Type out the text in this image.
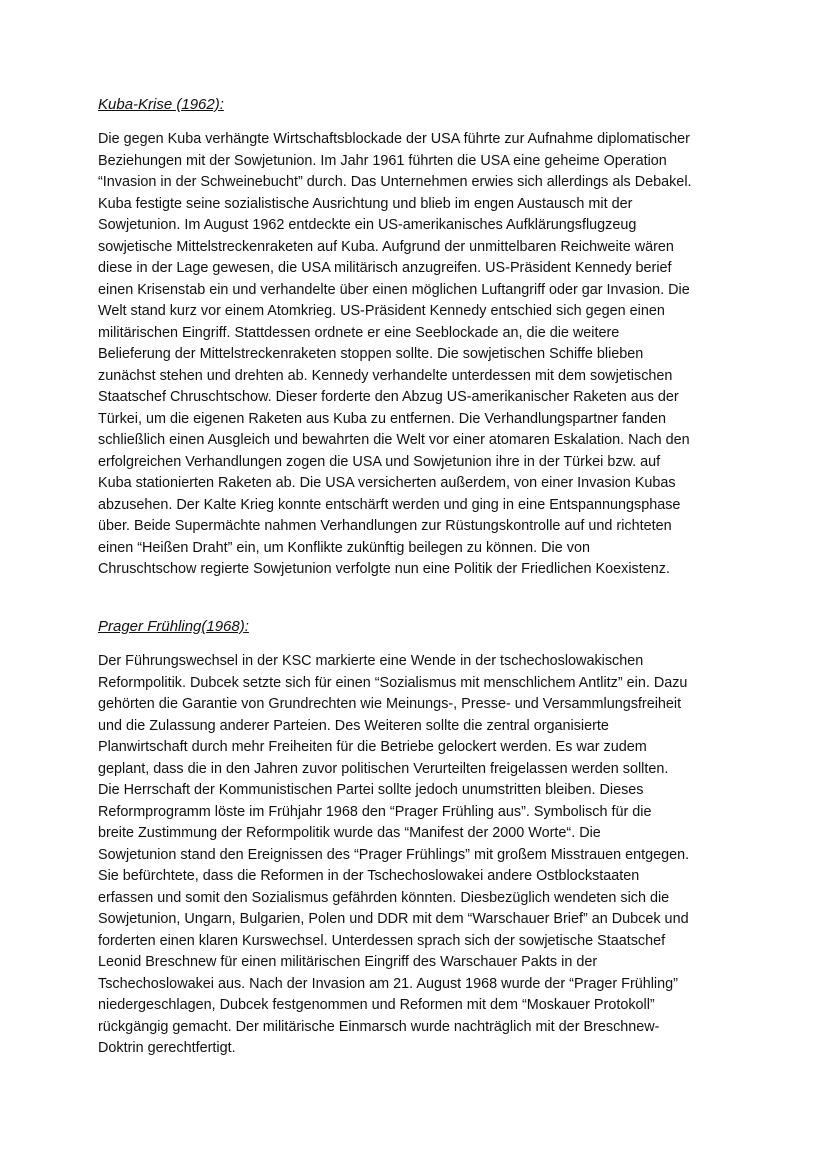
Kuba-Krise (1962):
Die gegen Kuba verhängte Wirtschaftsblockade der USA führte zur Aufnahme diplomatischer
Beziehungen mit der Sowjetunion. Im Jahr 1961 führten die USA eine geheime Operation
“Invasion in der Schweinebucht” durch. Das Unternehmen erwies sich allerdings als Debakel.
Kuba festigte seine sozialistische Ausrichtung und blieb im engen Austausch mit der
Sowjetunion. Im August 1962 entdeckte ein US-amerikanisches Aufklärungsflugzeug
sowjetische Mittelstreckenraketen auf Kuba. Aufgrund der unmittelbaren Reichweite wären
diese in der Lage gewesen, die USA militärisch anzugreifen. US-Präsident Kennedy berief
einen Krisenstab ein und verhandelte über einen möglichen Luftangriff oder gar Invasion. Die
Welt stand kurz vor einem Atomkrieg. US-Präsident Kennedy entschied sich gegen einen
militärischen Eingriff. Stattdessen ordnete er eine Seeblockade an, die die weitere
Belieferung der Mittelstreckenraketen stoppen sollte. Die sowjetischen Schiffe blieben
zunächst stehen und drehten ab. Kennedy verhandelte unterdessen mit dem sowjetischen
Staatschef Chruschtschow. Dieser forderte den Abzug US-amerikanischer Raketen aus der
Türkei, um die eigenen Raketen aus Kuba zu entfernen. Die Verhandlungspartner fanden
schließlich einen Ausgleich und bewahrten die Welt vor einer atomaren Eskalation. Nach den
erfolgreichen Verhandlungen zogen die USA und Sowjetunion ihre in der Türkei bzw. auf
Kuba stationierten Raketen ab. Die USA versicherten außerdem, von einer Invasion Kubas
abzusehen. Der Kalte Krieg konnte entschärft werden und ging in eine Entspannungsphase
über. Beide Supermächte nahmen Verhandlungen zur Rüstungskontrolle auf und richteten
einen “Heißen Draht” ein, um Konflikte zukünftig beilegen zu können. Die von
Chruschtschow regierte Sowjetunion verfolgte nun eine Politik der Friedlichen Koexistenz.
Prager Frühling(1968):
Der Führungswechsel in der KSC markierte eine Wende in der tschechoslowakischen
Reformpolitik. Dubcek setzte sich für einen “Sozialismus mit menschlichem Antlitz” ein. Dazu
gehörten die Garantie von Grundrechten wie Meinungs-, Presse- und Versammlungsfreiheit
und die Zulassung anderer Parteien. Des Weiteren sollte die zentral organisierte
Planwirtschaft durch mehr Freiheiten für die Betriebe gelockert werden. Es war zudem
geplant, dass die in den Jahren zuvor politischen Verurteilten freigelassen werden sollten.
Die Herrschaft der Kommunistischen Partei sollte jedoch unumstritten bleiben. Dieses
Reformprogramm löste im Frühjahr 1968 den “Prager Frühling aus”. Symbolisch für die
breite Zustimmung der Reformpolitik wurde das “Manifest der 2000 Worte“. Die
Sowjetunion stand den Ereignissen des “Prager Frühlings” mit großem Misstrauen entgegen.
Sie befürchtete, dass die Reformen in der Tschechoslowakei andere Ostblockstaaten
erfassen und somit den Sozialismus gefährden könnten. Diesbezüglich wendeten sich die
Sowjetunion, Ungarn, Bulgarien, Polen und DDR mit dem “Warschauer Brief” an Dubcek und
forderten einen klaren Kurswechsel. Unterdessen sprach sich der sowjetische Staatschef
Leonid Breschnew für einen militärischen Eingriff des Warschauer Pakts in der
Tschechoslowakei aus. Nach der Invasion am 21. August 1968 wurde der “Prager Frühling”
niedergeschlagen, Dubcek festgenommen und Reformen mit dem “Moskauer Protokoll”
rückgängig gemacht. Der militärische Einmarsch wurde nachträglich mit der Breschnew-
Doktrin gerechtfertigt.
